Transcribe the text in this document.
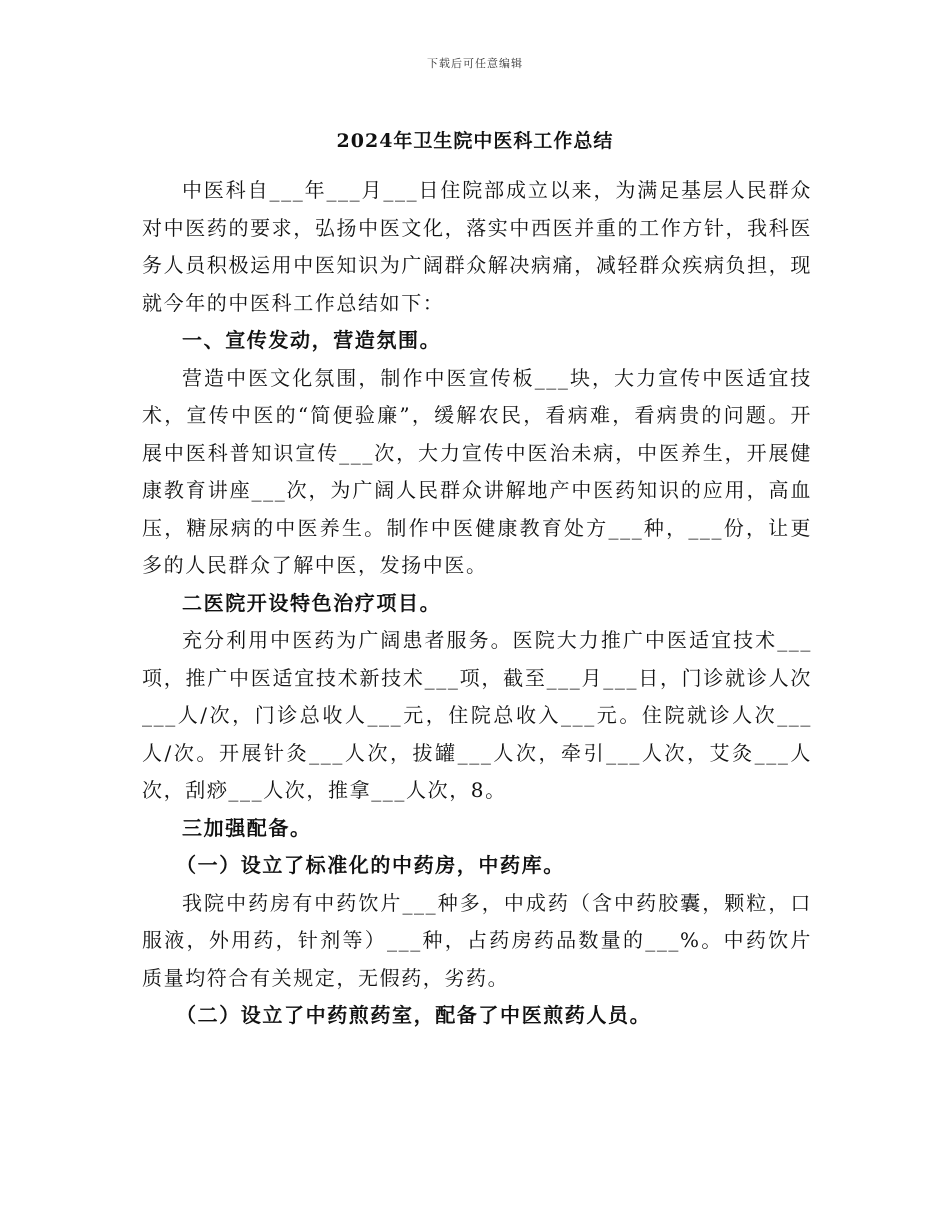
下载后可任意编辑
2024年卫生院中医科工作总结

中医科自___年___月___日住院部成立以来，为满足基层人民群众对中医药的要求，弘扬中医文化，落实中西医并重的工作方针，我科医务人员积极运用中医知识为广阔群众解决病痛，减轻群众疾病负担，现就今年的中医科工作总结如下：

一、宣传发动，营造氛围。

营造中医文化氛围，制作中医宣传板___块，大力宣传中医适宜技术，宣传中医的“简便验廉”，缓解农民，看病难，看病贵的问题。开展中医科普知识宣传___次，大力宣传中医治未病，中医养生，开展健康教育讲座___次，为广阔人民群众讲解地产中医药知识的应用，高血压，糖尿病的中医养生。制作中医健康教育处方___种，___份，让更多的人民群众了解中医，发扬中医。

二医院开设特色治疗项目。

充分利用中医药为广阔患者服务。医院大力推广中医适宜技术___项，推广中医适宜技术新技术___项，截至___月___日，门诊就诊人次___人/次，门诊总收人___元，住院总收入___元。住院就诊人次___人/次。开展针灸___人次，拔罐___人次，牵引___人次，艾灸___人次，刮痧___人次，推拿___人次，8。

三加强配备。

（一）设立了标准化的中药房，中药库。

我院中药房有中药饮片___种多，中成药（含中药胶囊，颗粒，口服液，外用药，针剂等）___种，占药房药品数量的___%。中药饮片质量均符合有关规定，无假药，劣药。

（二）设立了中药煎药室，配备了中医煎药人员。
